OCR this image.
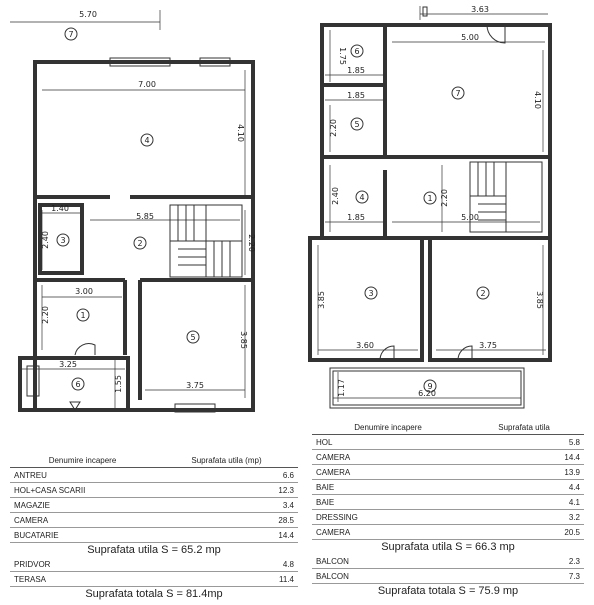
5.70
7.00
4.10
5.85
2.20
1.40
2.40
3.00
2.20
3.85
3.75
3.25
1.55
7
4
2
3
1
5
6
3.63
5.00
1.75
1.85
1.85
2.20
4.10
2.40
1.85
2.20
5.00
3.85
3.60	3.75
3.85
1.17	6.20
6
7
5
4	1
3	2
9
Denumire incapere	Suprafata utila (mp)
ANTREU	6.6
HOL+CASA SCARII	12.3
MAGAZIE	3.4
CAMERA	28.5
BUCATARIE	14.4
Suprafata utila S = 65.2 mp	
PRIDVOR	4.8
TERASA	11.4
Suprafata totala S = 81.4mp	
Denumire incapere	Suprafata utila
HOL	5.8
CAMERA	14.4
CAMERA	13.9
BAIE	4.4
BAIE	4.1
DRESSING	3.2
CAMERA	20.5
Suprafata utila S = 66.3 mp	
BALCON	2.3
BALCON	7.3
Suprafata totala S = 75.9 mp	
